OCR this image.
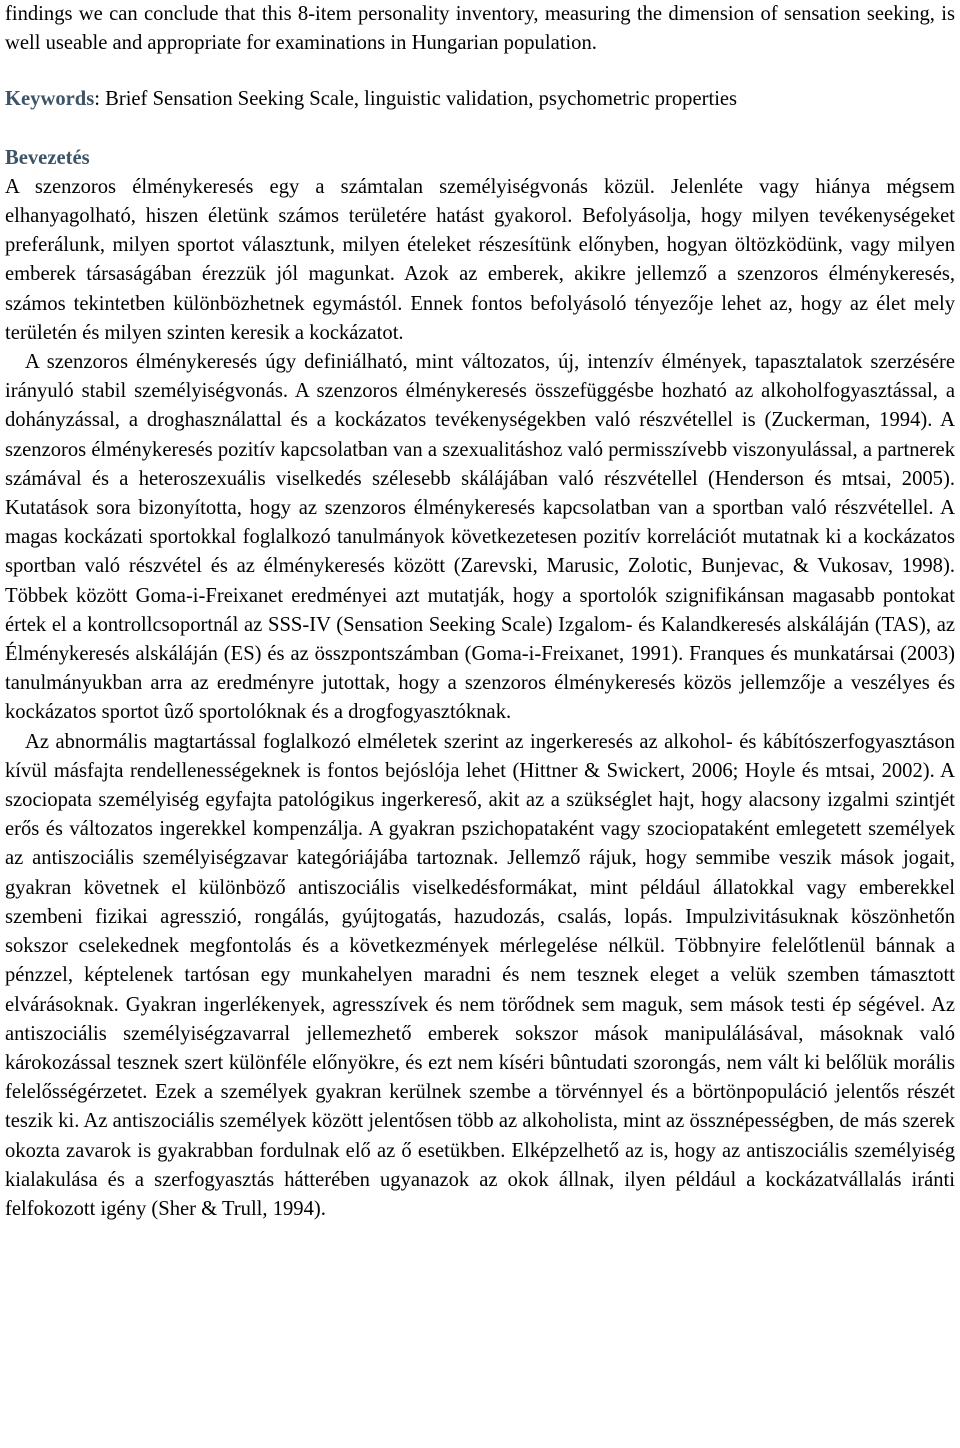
findings we can conclude that this 8-item personality inventory, measuring the dimension of sensation seeking, is well useable and appropriate for examinations in Hungarian population.

Keywords: Brief Sensation Seeking Scale, linguistic validation, psychometric properties

Bevezetés

A szenzoros élménykeresés egy a számtalan személyiségvonás közül. Jelenléte vagy hiánya mégsem elhanyagolható, hiszen életünk számos területére hatást gyakorol. Befolyásolja, hogy milyen tevékenységeket preferálunk, milyen sportot választunk, milyen ételeket részesítünk előnyben, hogyan öltözködünk, vagy milyen emberek társaságában érezzük jól magunkat. Azok az emberek, akikre jellemző a szenzoros élménykeresés, számos tekintetben különbözhetnek egymástól. Ennek fontos befolyásoló tényezője lehet az, hogy az élet mely területén és milyen szinten keresik a kockázatot.

A szenzoros élménykeresés úgy definiálható, mint változatos, új, intenzív élmények, tapasztalatok szerzésére irányuló stabil személyiségvonás. A szenzoros élménykeresés összefüggésbe hozható az alkoholfogyasztással, a dohányzással, a droghasználattal és a kockázatos tevékenységekben való részvétellel is (Zuckerman, 1994). A szenzoros élménykeresés pozitív kapcsolatban van a szexualitáshoz való permisszívebb viszonyulással, a partnerek számával és a heteroszexuális viselkedés szélesebb skálájában való részvétellel (Henderson és mtsai, 2005). Kutatások sora bizonyította, hogy az szenzoros élménykeresés kapcsolatban van a sportban való részvétellel. A magas kockázati sportokkal foglalkozó tanulmányok következetesen pozitív korrelációt mutatnak ki a kockázatos sportban való részvétel és az élménykeresés között (Zarevski, Marusic, Zolotic, Bunjevac, & Vukosav, 1998). Többek között Goma-i-Freixanet eredményei azt mutatják, hogy a sportolók szignifikánsan magasabb pontokat értek el a kontrollcsoportnál az SSS-IV (Sensation Seeking Scale) Izgalom- és Kalandkeresés alskáláján (TAS), az Élménykeresés alskáláján (ES) és az összpontszámban (Goma-i-Freixanet, 1991). Franques és munkatársai (2003) tanulmányukban arra az eredményre jutottak, hogy a szenzoros élménykeresés közös jellemzője a veszélyes és kockázatos sportot ûző sportolóknak és a drogfogyasztóknak.

Az abnormális magtartással foglalkozó elméletek szerint az ingerkeresés az alkohol- és kábítószerfogyasztáson kívül másfajta rendellenességeknek is fontos bejóslója lehet (Hittner & Swickert, 2006; Hoyle és mtsai, 2002). A szociopata személyiség egyfajta patológikus ingerkereső, akit az a szükséglet hajt, hogy alacsony izgalmi szintjét erős és változatos ingerekkel kompenzálja. A gyakran pszichopataként vagy szociopataként emlegetett személyek az antiszociális személyiségzavar kategóriájába tartoznak. Jellemző rájuk, hogy semmibe veszik mások jogait, gyakran követnek el különböző antiszociális viselkedésformákat, mint például állatokkal vagy emberekkel szembeni fizikai agresszió, rongálás, gyújtogatás, hazudozás, csalás, lopás. Impulzivitásuknak köszönhetőn sokszor cselekednek megfontolás és a következmények mérlegelése nélkül. Többnyire felelőtlenül bánnak a pénzzel, képtelenek tartósan egy munkahelyen maradni és nem tesznek eleget a velük szemben támasztott elvárásoknak. Gyakran ingerlékenyek, agresszívek és nem törődnek sem maguk, sem mások testi ép ségével. Az antiszociális személyiségzavarral jellemezhető emberek sokszor mások manipulálásával, másoknak való károkozással tesznek szert különféle előnyökre, és ezt nem kíséri bûntudati szorongás, nem vált ki belőlük morális felelősségérzetet. Ezek a személyek gyakran kerülnek szembe a törvénnyel és a börtönpopuláció jelentős részét teszik ki. Az antiszociális személyek között jelentősen több az alkoholista, mint az össznépességben, de más szerek okozta zavarok is gyakrabban fordulnak elő az ő esetükben. Elképzelhető az is, hogy az antiszociális személyiség kialakulása és a szerfogyasztás hátterében ugyanazok az okok állnak, ilyen például a kockázatvállalás iránti felfokozott igény (Sher & Trull, 1994).
